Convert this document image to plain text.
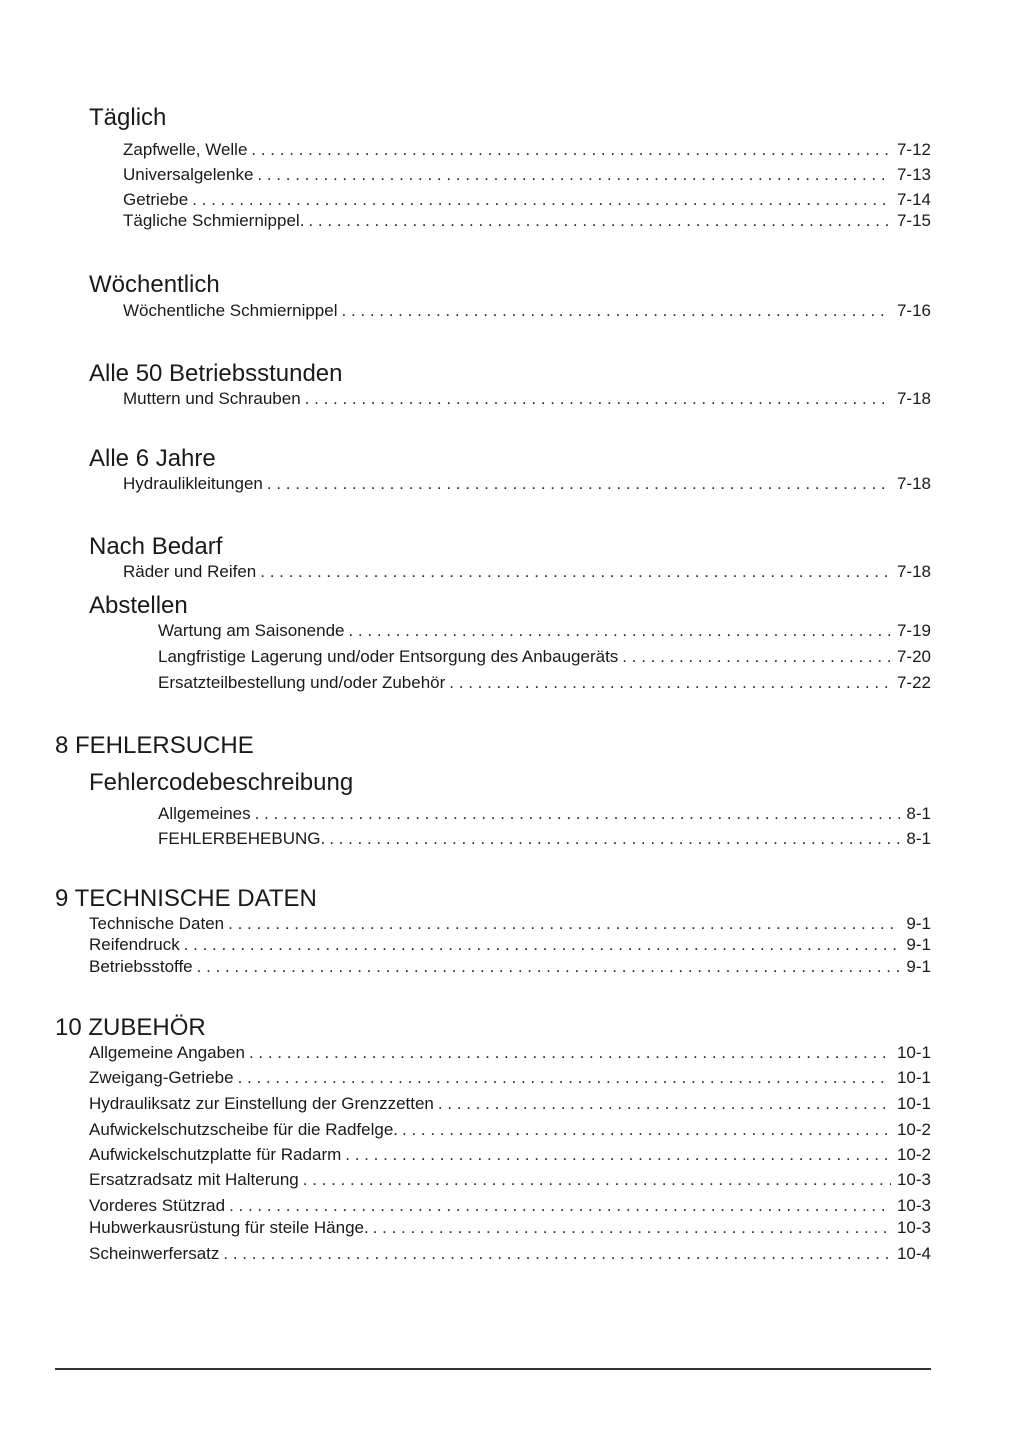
Täglich
Zapfwelle, Welle . . .	7-12
Universalgelenke . . .	7-13
Getriebe . . .	7-14
Tägliche Schmiernippel. . . .	7-15
Wöchentlich
Wöchentliche Schmiernippel . . .	7-16
Alle 50 Betriebsstunden
Muttern und Schrauben . . .	7-18
Alle 6 Jahre
Hydraulikleitungen . . .	7-18
Nach Bedarf
Räder und Reifen . . .	7-18
Abstellen
Wartung am Saisonende . . .	7-19
Langfristige Lagerung und/oder Entsorgung des Anbaugeräts . . .	7-20
Ersatzteilbestellung und/oder Zubehör . . .	7-22
8 FEHLERSUCHE
Fehlercodebeschreibung
Allgemeines . . .	8-1
FEHLERBEHEBUNG. . . .	8-1
9 TECHNISCHE DATEN
Technische Daten . . .	9-1
Reifendruck . . .	9-1
Betriebsstoffe . . .	9-1
10 ZUBEHÖR
Allgemeine Angaben . . .	10-1
Zweigang-Getriebe . . .	10-1
Hydrauliksatz zur Einstellung der Grenzzetten . . .	10-1
Aufwickelschutzscheibe für die Radfelge. . . .	10-2
Aufwickelschutzplatte für Radarm . . .	10-2
Ersatzradsatz mit Halterung . . .	10-3
Vorderes Stützrad . . .	10-3
Hubwerkausrüstung für steile Hänge. . . .	10-3
Scheinwerfersatz . . .	10-4
